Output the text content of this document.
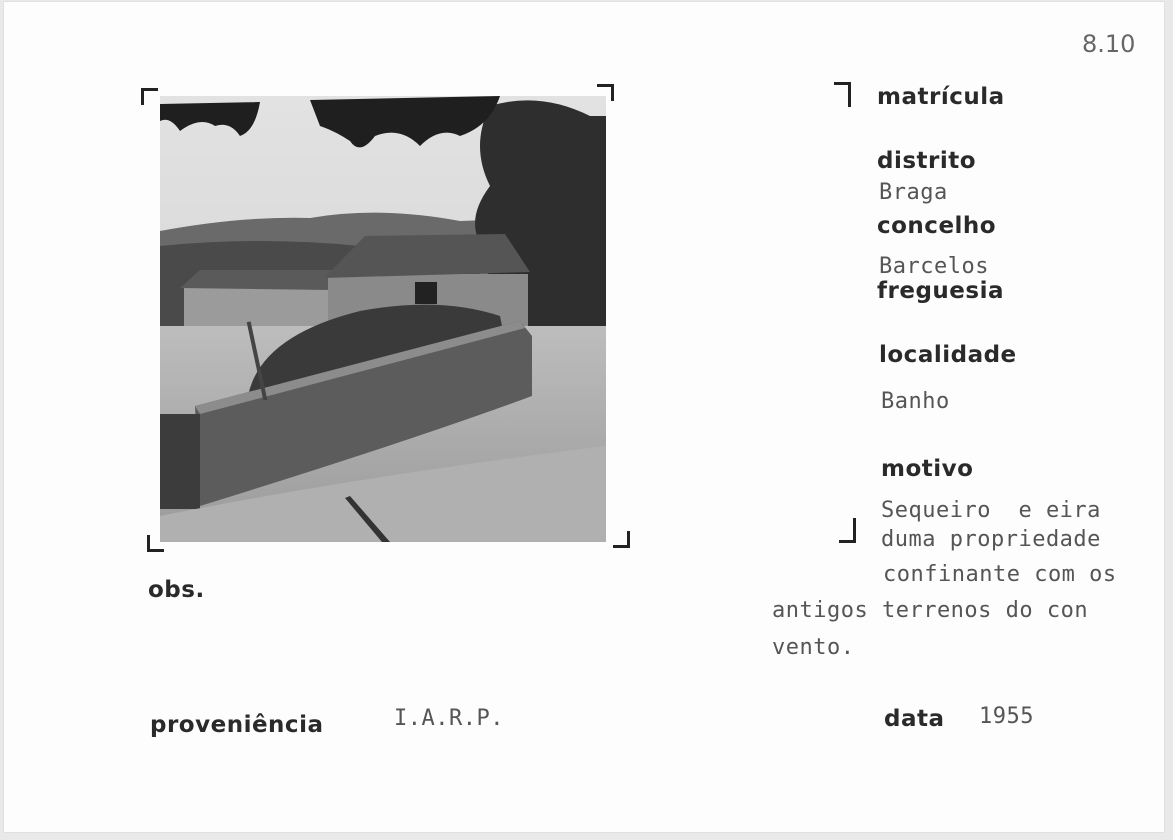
8.10
matrícula
distrito
Braga
concelho
Barcelos
freguesia
localidade
Banho
motivo
Sequeiro  e eira
duma propriedade
confinante com os
antigos terrenos do con
vento.
obs.
proveniência	I.A.R.P.	data 1955
